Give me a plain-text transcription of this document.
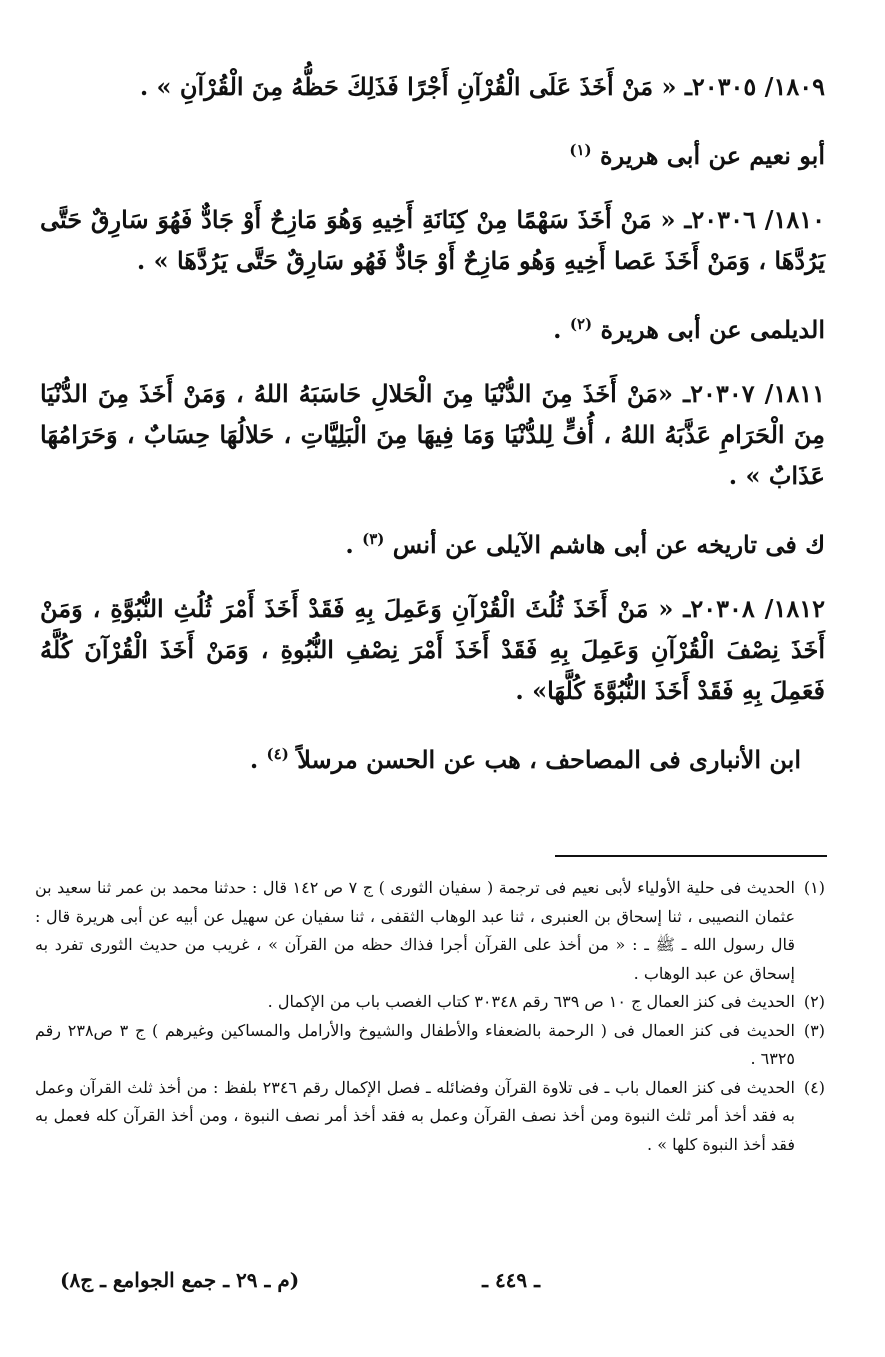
١٨٠٩/ ٢٠٣٠٥ـ « مَنْ أَخَذَ عَلَى الْقُرْآنِ أَجْرًا فَذَلِكَ حَظُّهُ مِنَ الْقُرْآنِ » .

أبو نعيم عن أبى هريرة $^{(١)}$

١٨١٠/ ٢٠٣٠٦ـ « مَنْ أَخَذَ سَهْمًا مِنْ كِنَانَةِ أَخِيهِ وَهُوَ مَازِحٌ أَوْ جَادٌّ فَهُوَ سَارِقٌ حَتَّى يَرُدَّهَا ، وَمَنْ أَخَذَ عَصا أَخِيهِ وَهُو مَازِحٌ أَوْ جَادٌّ فَهُو سَارِقٌ حَتَّى يَرُدَّهَا » .

الديلمى عن أبى هريرة $^{(٢)}$ .

١٨١١/ ٢٠٣٠٧ـ «مَنْ أَخَذَ مِنَ الدُّنْيَا مِنَ الْحَلالِ حَاسَبَهُ اللهُ ، وَمَنْ أَخَذَ مِنَ الدُّنْيَا مِنَ الْحَرَامِ عَذَّبَهُ اللهُ ، أُفٍّ لِلدُّنْيَا وَمَا فِيهَا مِنَ الْبَلِيَّاتِ ، حَلالُهَا حِسَابٌ ، وَحَرَامُهَا عَذَابٌ » .

ك فى تاريخه عن أبى هاشم الآيلى عن أنس $^{(٣)}$ .

١٨١٢/ ٢٠٣٠٨ـ « مَنْ أَخَذَ ثُلُثَ الْقُرْآنِ وَعَمِلَ بِهِ فَقَدْ أَخَذَ أَمْرَ ثُلُثِ النُّبُوَّةِ ، وَمَنْ أَخَذَ نِصْفَ الْقُرْآنِ وَعَمِلَ بِهِ فَقَدْ أَخَذَ أَمْرَ نِصْفِ النُّبُوةِ ، وَمَنْ أَخَذَ الْقُرْآنَ كُلَّهُ فَعَمِلَ بِهِ فَقَدْ أَخَذَ النُّبُوَّةَ كُلَّهَا» .

ابن الأنبارى فى المصاحف ، هب عن الحسن مرسلاً $^{(٤)}$ .

(١)
الحديث فى حلية الأولياء لأبى نعيم فى ترجمة ( سفيان الثورى ) ج ٧ ص ١٤٢ قال : حدثنا محمد بن عمر ثنا سعيد بن عثمان النصيبى ، ثنا إسحاق بن العنبرى ، ثنا عبد الوهاب الثقفى ، ثنا سفيان عن سهيل عن أبيه عن أبى هريرة قال : قال رسول الله ـ ﷺ ـ : « من أخذ على القرآن أجرا فذاك حظه من القرآن » ، غريب من حديث الثورى تفرد به إسحاق عن عبد الوهاب .
(٢)
الحديث فى كنز العمال ج ١٠ ص ٦٣٩ رقم ٣٠٣٤٨ كتاب الغصب باب من الإكمال .
(٣)
الحديث فى كنز العمال فى ( الرحمة بالضعفاء والأطفال والشيوخ والأرامل والمساكين وغيرهم ) ج ٣ ص٢٣٨ رقم ٦٣٢٥ .
(٤)
الحديث فى كنز العمال باب ـ فى تلاوة القرآن وفضائله ـ فصل الإكمال رقم ٢٣٤٦ بلفظ : من أخذ ثلث القرآن وعمل به فقد أخذ أمر ثلث النبوة ومن أخذ نصف القرآن وعمل به فقد أخذ أمر نصف النبوة ، ومن أخذ القرآن كله فعمل به فقد أخذ النبوة كلها » .
ـ ٤٤٩ ـ
(م ـ ٢٩ ـ جمع الجوامع ـ ج٨)
